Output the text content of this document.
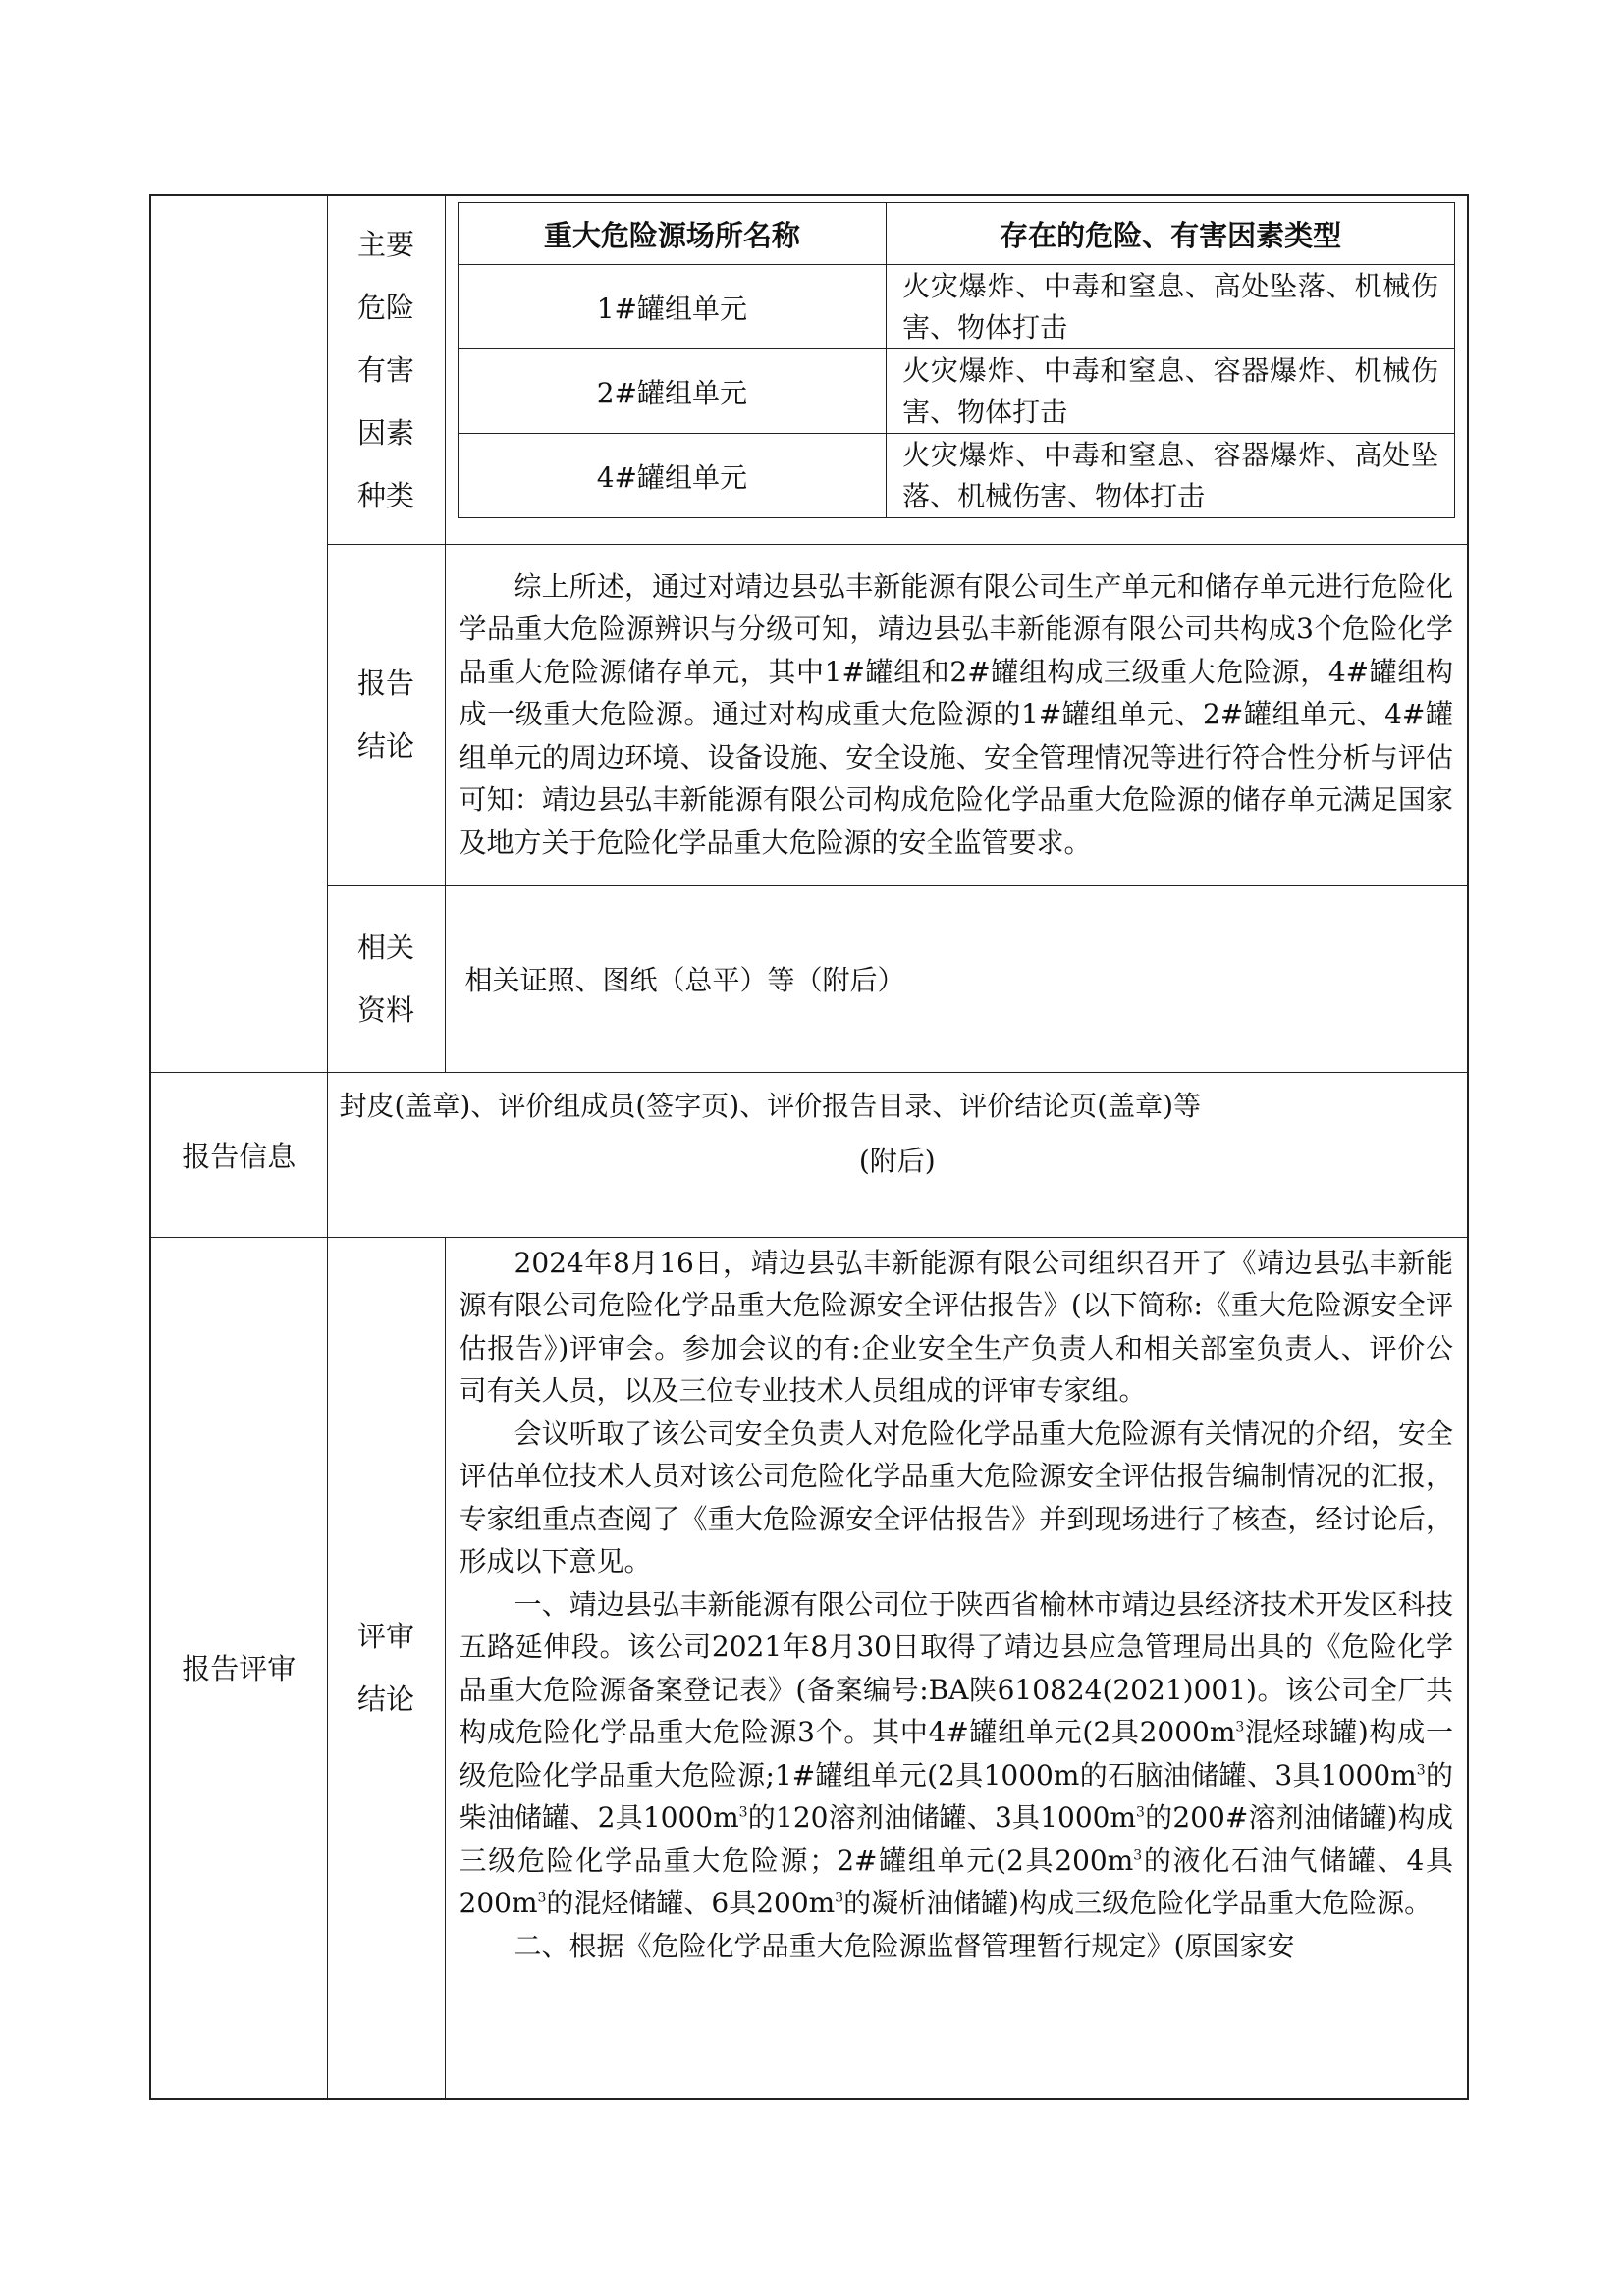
主要
危险
有害
因素
种类

重大危险源场所名称	存在的危险、有害因素类型
1#罐组单元	火灾爆炸、中毒和窒息、高处坠落、机械伤害、物体打击
2#罐组单元	火灾爆炸、中毒和窒息、容器爆炸、机械伤害、物体打击
4#罐组单元	火灾爆炸、中毒和窒息、容器爆炸、高处坠落、机械伤害、物体打击

报告
结论

综上所述，通过对靖边县弘丰新能源有限公司生产单元和储存单元进行危险化学品重大危险源辨识与分级可知，靖边县弘丰新能源有限公司共构成3个危险化学品重大危险源储存单元，其中1#罐组和2#罐组构成三级重大危险源，4#罐组构成一级重大危险源。通过对构成重大危险源的1#罐组单元、2#罐组单元、4#罐组单元的周边环境、设备设施、安全设施、安全管理情况等进行符合性分析与评估可知：靖边县弘丰新能源有限公司构成危险化学品重大危险源的储存单元满足国家及地方关于危险化学品重大危险源的安全监管要求。

相关
资料
	相关证照、图纸（总平）等（附后）
报告信息	
封皮(盖章)、评价组成员(签字页)、评价报告目录、评价结论页(盖章)等
(附后)

报告评审	
评审
结论

2024年8月16日，靖边县弘丰新能源有限公司组织召开了《靖边县弘丰新能源有限公司危险化学品重大危险源安全评估报告》(以下简称:《重大危险源安全评估报告》)评审会。参加会议的有:企业安全生产负责人和相关部室负责人、评价公司有关人员，以及三位专业技术人员组成的评审专家组。

会议听取了该公司安全负责人对危险化学品重大危险源有关情况的介绍，安全评估单位技术人员对该公司危险化学品重大危险源安全评估报告编制情况的汇报，专家组重点查阅了《重大危险源安全评估报告》并到现场进行了核查，经讨论后，形成以下意见。

一、靖边县弘丰新能源有限公司位于陕西省榆林市靖边县经济技术开发区科技五路延伸段。该公司2021年8月30日取得了靖边县应急管理局出具的《危险化学品重大危险源备案登记表》(备案编号:BA陕610824(2021)001)。该公司全厂共构成危险化学品重大危险源3个。其中4#罐组单元(2具$2000m^3$混烃球罐)构成一级危险化学品重大危险源;1#罐组单元(2具1000m的石脑油储罐、3具$1000m^3$的柴油储罐、2具$1000m^3$的120溶剂油储罐、3具$1000m^3$的200#溶剂油储罐)构成三级危险化学品重大危险源；2#罐组单元(2具$200m^3$的液化石油气储罐、4具$200m^3$的混烃储罐、6具$200m^3$的凝析油储罐)构成三级危险化学品重大危险源。

二、根据《危险化学品重大危险源监督管理暂行规定》(原国家安
